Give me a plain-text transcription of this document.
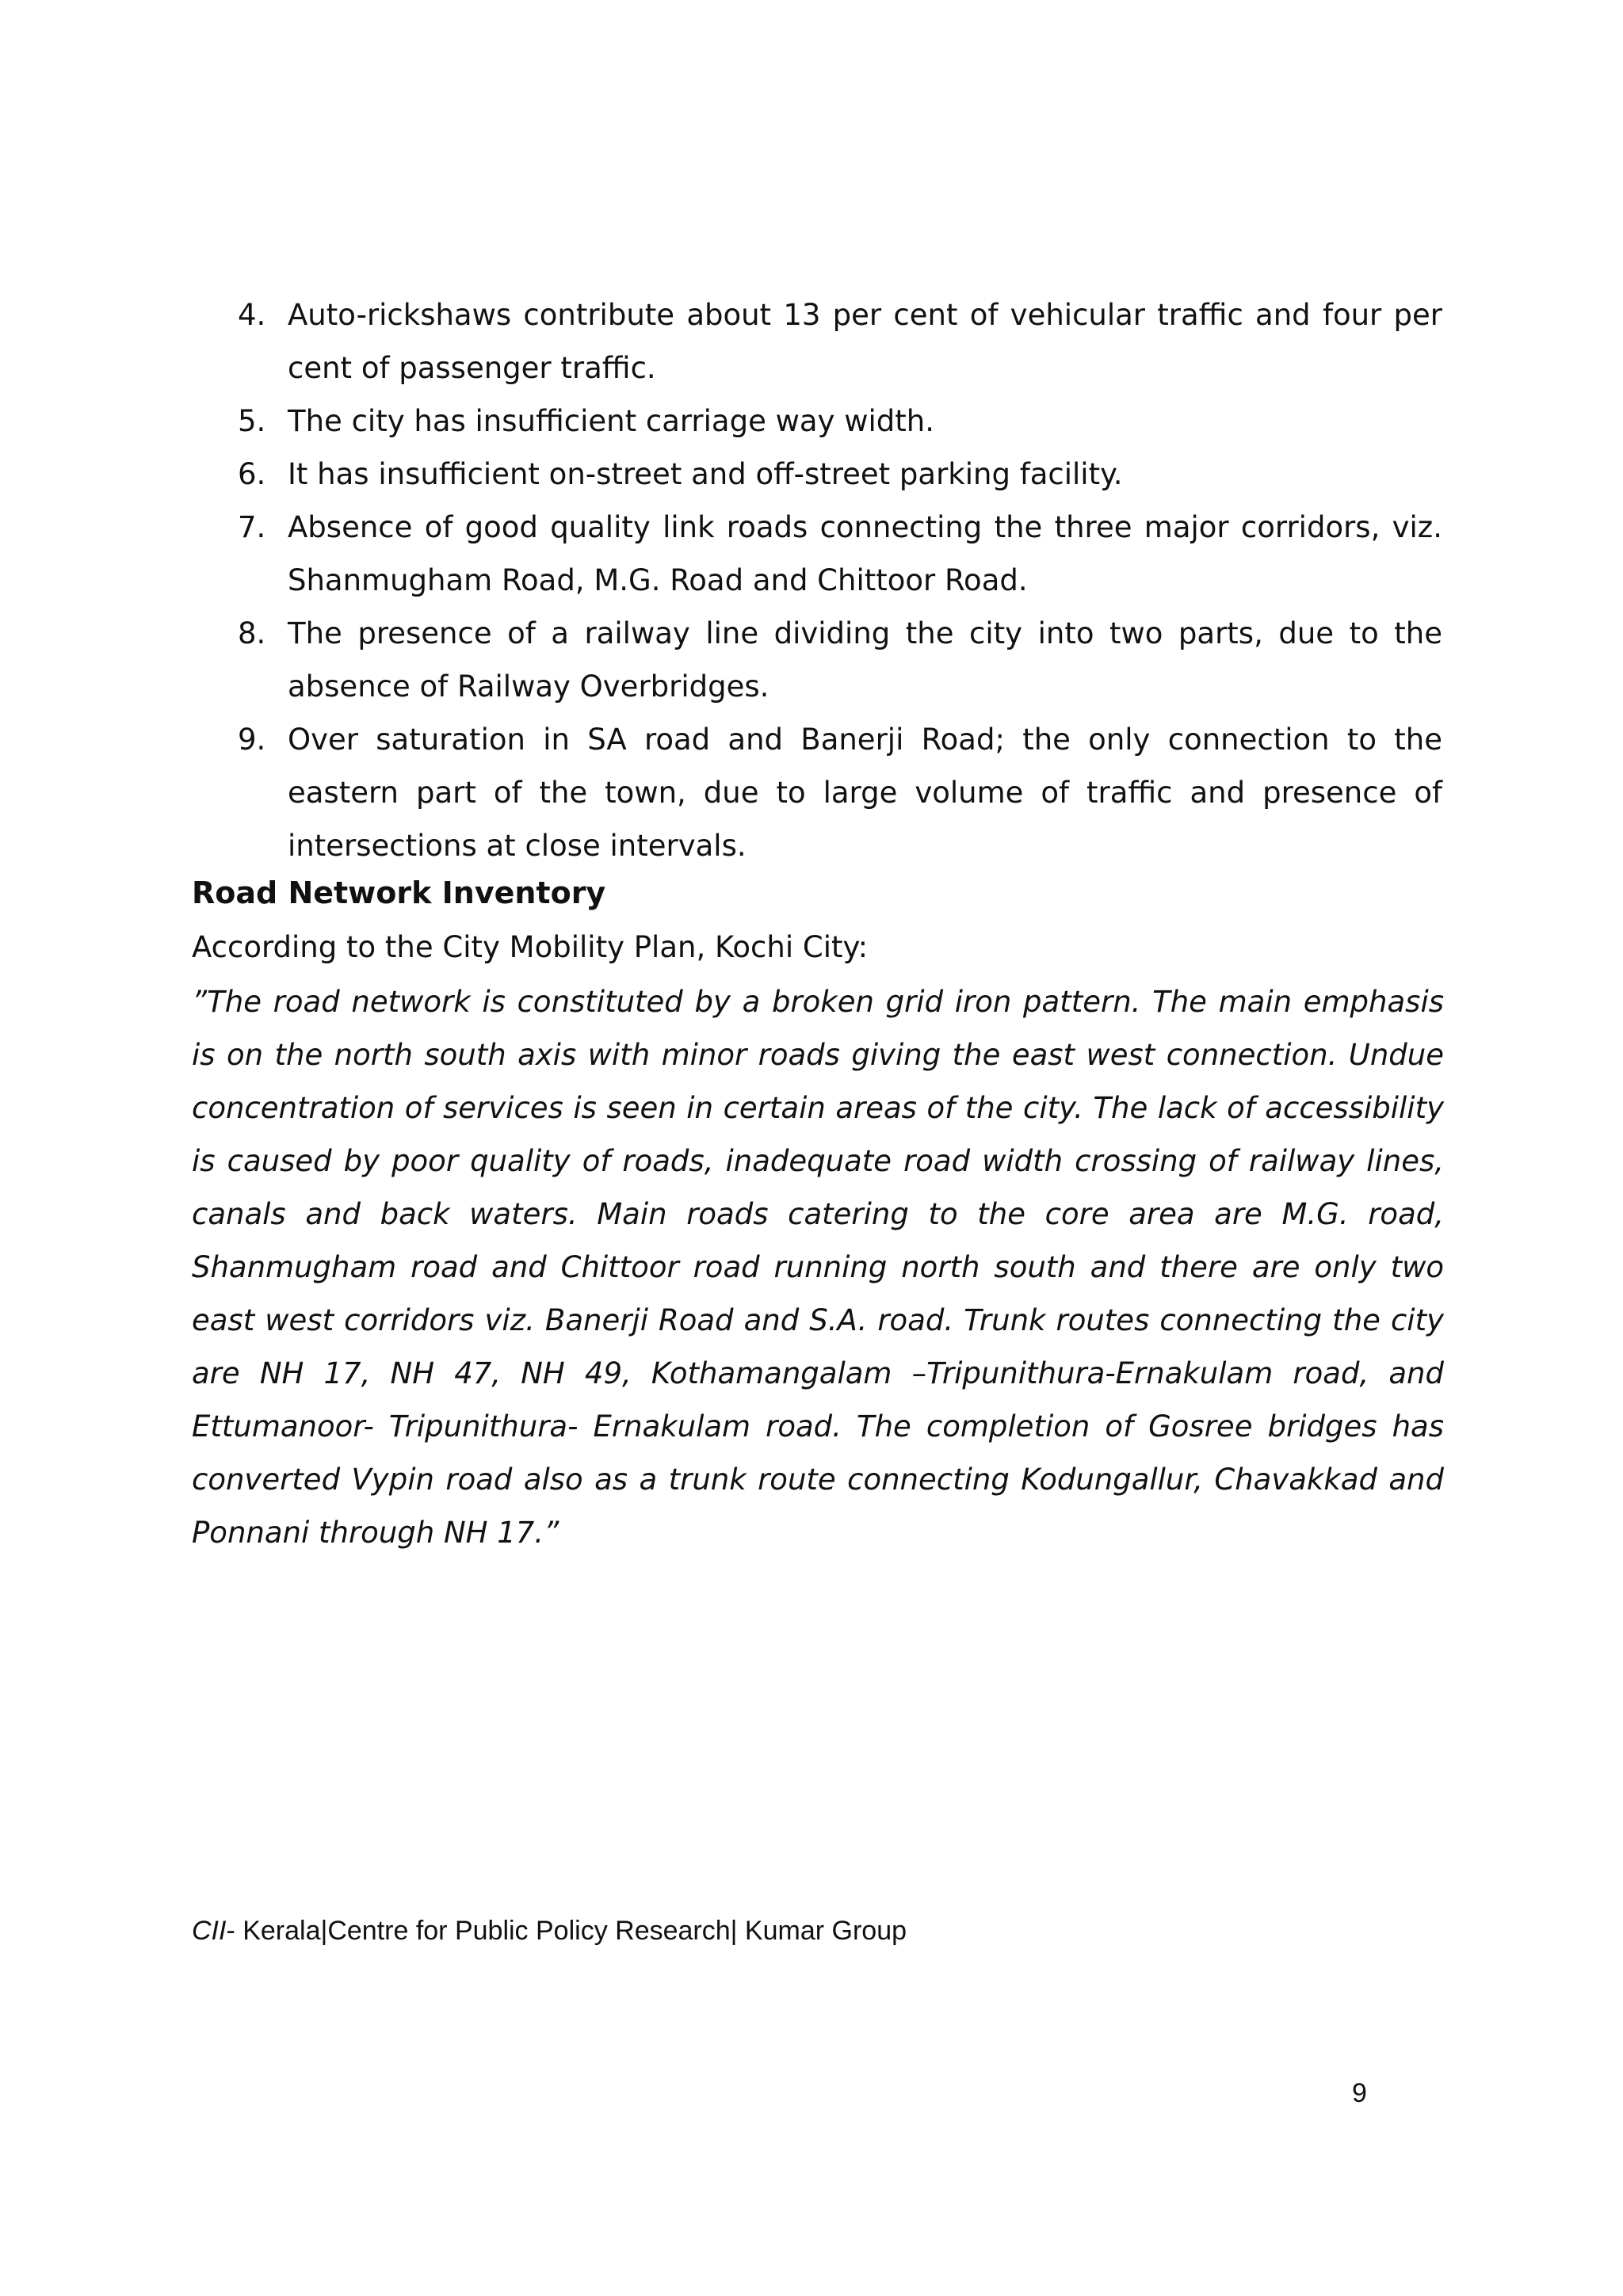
4. Auto-rickshaws contribute about 13 per cent of vehicular traffic and four per cent of passenger traffic.
5. The city has insufficient carriage way width.
6. It has insufficient on-street and off-street parking facility.
7. Absence of good quality link roads connecting the three major corridors, viz. Shanmugham Road, M.G. Road and Chittoor Road.
8. The presence of a railway line dividing the city into two parts, due to the absence of Railway Overbridges.
9. Over saturation in SA road and Banerji Road; the only connection to the eastern part of the town, due to large volume of traffic and presence of intersections at close intervals.
Road Network Inventory
According to the City Mobility Plan, Kochi City:
”The road network is constituted by a broken grid iron pattern. The main emphasis is on the north south axis with minor roads giving the east west connection. Undue concentration of services is seen in certain areas of the city. The lack of accessibility is caused by poor quality of roads, inadequate road width crossing of railway lines, canals and back waters. Main roads catering to the core area are M.G. road, Shanmugham road and Chittoor road running north south and there are only two east west corridors viz. Banerji Road and S.A. road. Trunk routes connecting the city are NH 17, NH 47, NH 49, Kothamangalam –Tripunithura-Ernakulam road, and Ettumanoor- Tripunithura- Ernakulam road. The completion of Gosree bridges has converted Vypin road also as a trunk route connecting Kodungallur, Chavakkad and Ponnani through NH 17.”
CII- Kerala|Centre for Public Policy Research| Kumar Group
9
